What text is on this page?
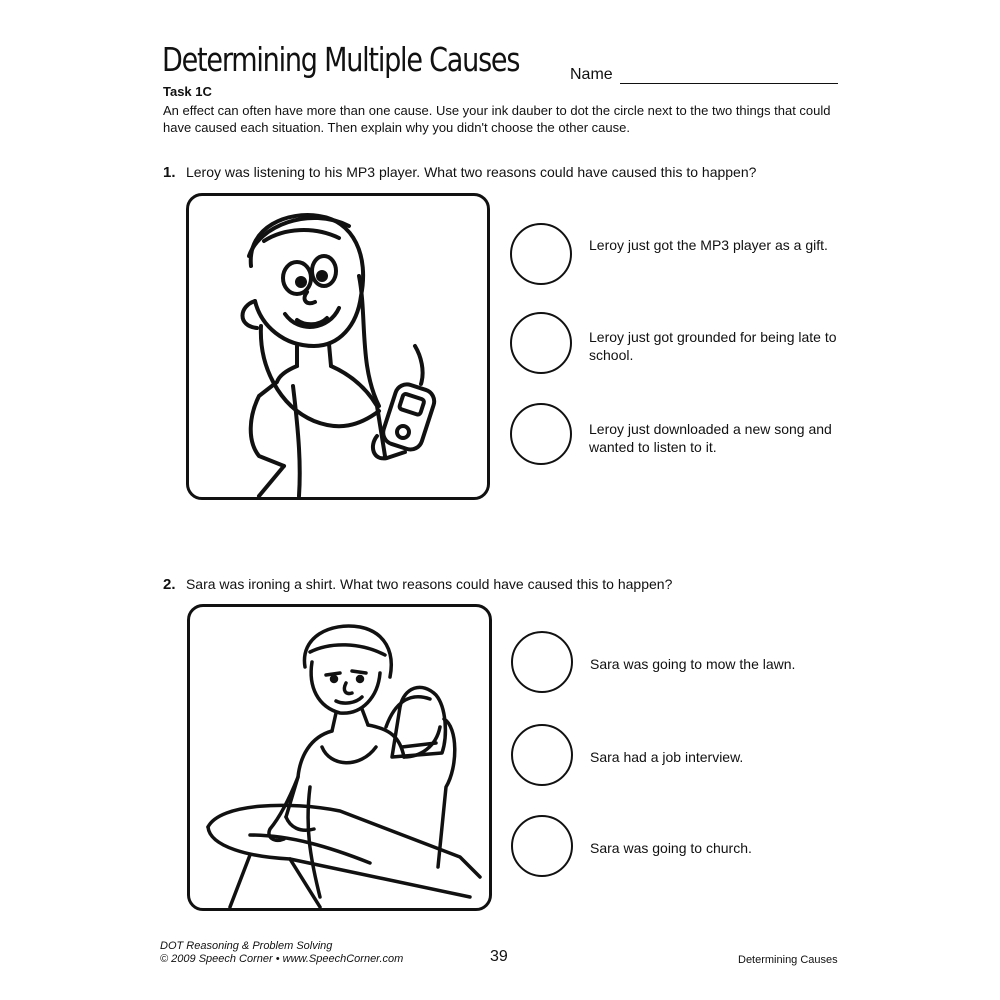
Determining Multiple Causes	Name
Task 1C
An effect can often have more than one cause. Use your ink dauber to dot the circle next to the two things that could have caused each situation. Then explain why you didn't choose the other cause.
1. Leroy was listening to his MP3 player. What two reasons could have caused this to happen?
Leroy just got the MP3 player as a gift.
Leroy just got grounded for being late to school.
Leroy just downloaded a new song and wanted to listen to it.
2. Sara was ironing a shirt. What two reasons could have caused this to happen?
Sara was going to mow the lawn.
Sara had a job interview.
Sara was going to church.
DOT Reasoning & Problem Solving
© 2009 Speech Corner • www.SpeechCorner.com	39	Determining Causes
